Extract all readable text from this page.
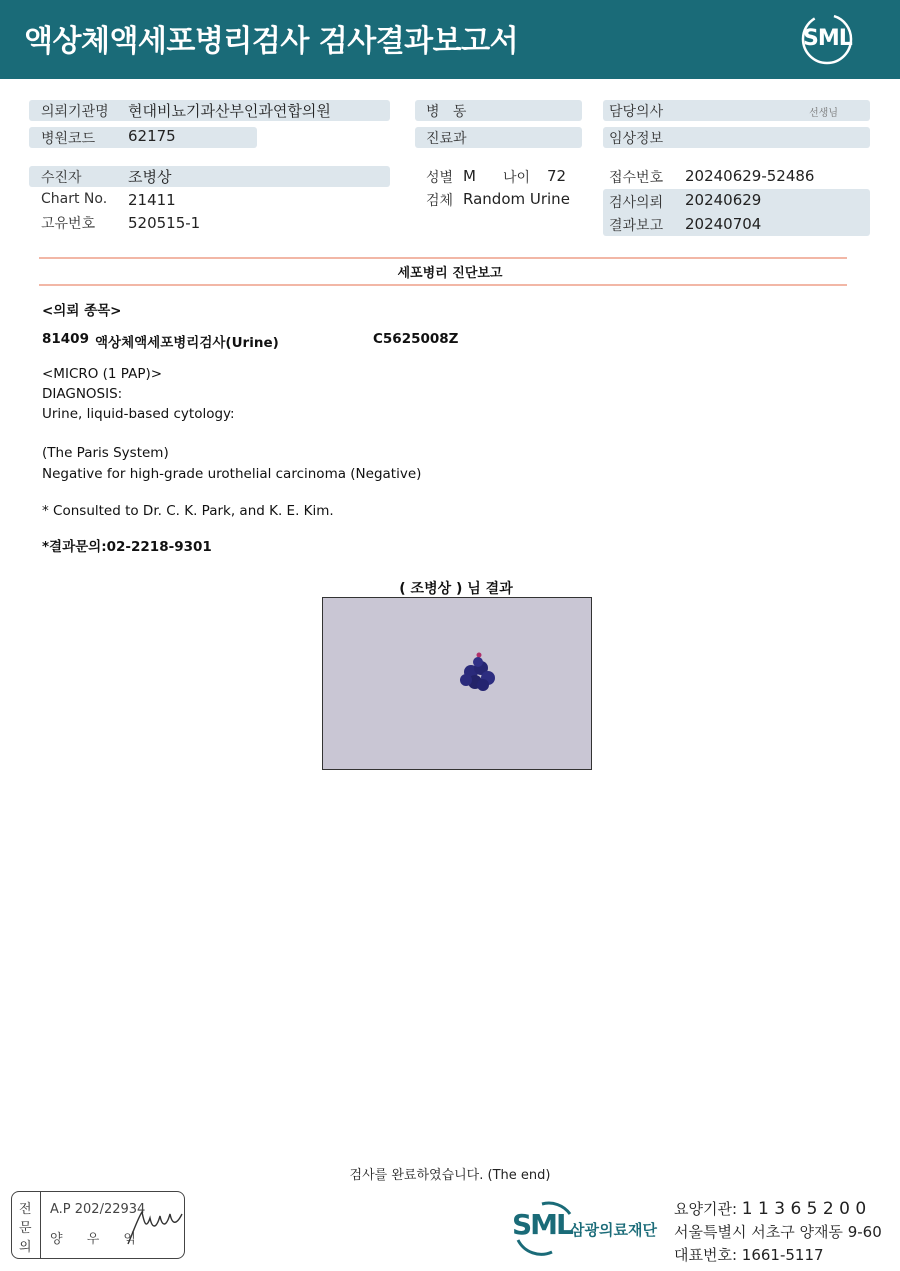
액상체액세포병리검사 검사결과보고서	SML
의뢰기관명 현대비뇨기과산부인과연합의원
병원코드 62175
병   동
진료과
담당의사	선생님
임상정보
수진자	조병상
Chart No. 21411
고유번호 520515-1
성별 M 나이 72
검체 Random Urine
접수번호 20240629-52486
검사의뢰 20240629
결과보고 20240704
세포병리 진단보고
<의뢰 종목>
81409 액상체액세포병리검사(Urine)	C5625008Z
<MICRO (1 PAP)>
DIAGNOSIS:
Urine, liquid-based cytology:
(The Paris System)
Negative for high-grade urothelial carcinoma (Negative)
* Consulted to Dr. C. K. Park, and K. E. Kim.
*결과문의:02-2218-9301
( 조병상 ) 님 결과
검사를 완료하였습니다. (The end)
전
문
의
A.P 202/22934
양 우 익	SML
삼광의료재단
요양기관: 1 1 3 6 5 2 0 0
서울특별시 서초구 양재동 9-60
대표번호: 1661-5117
